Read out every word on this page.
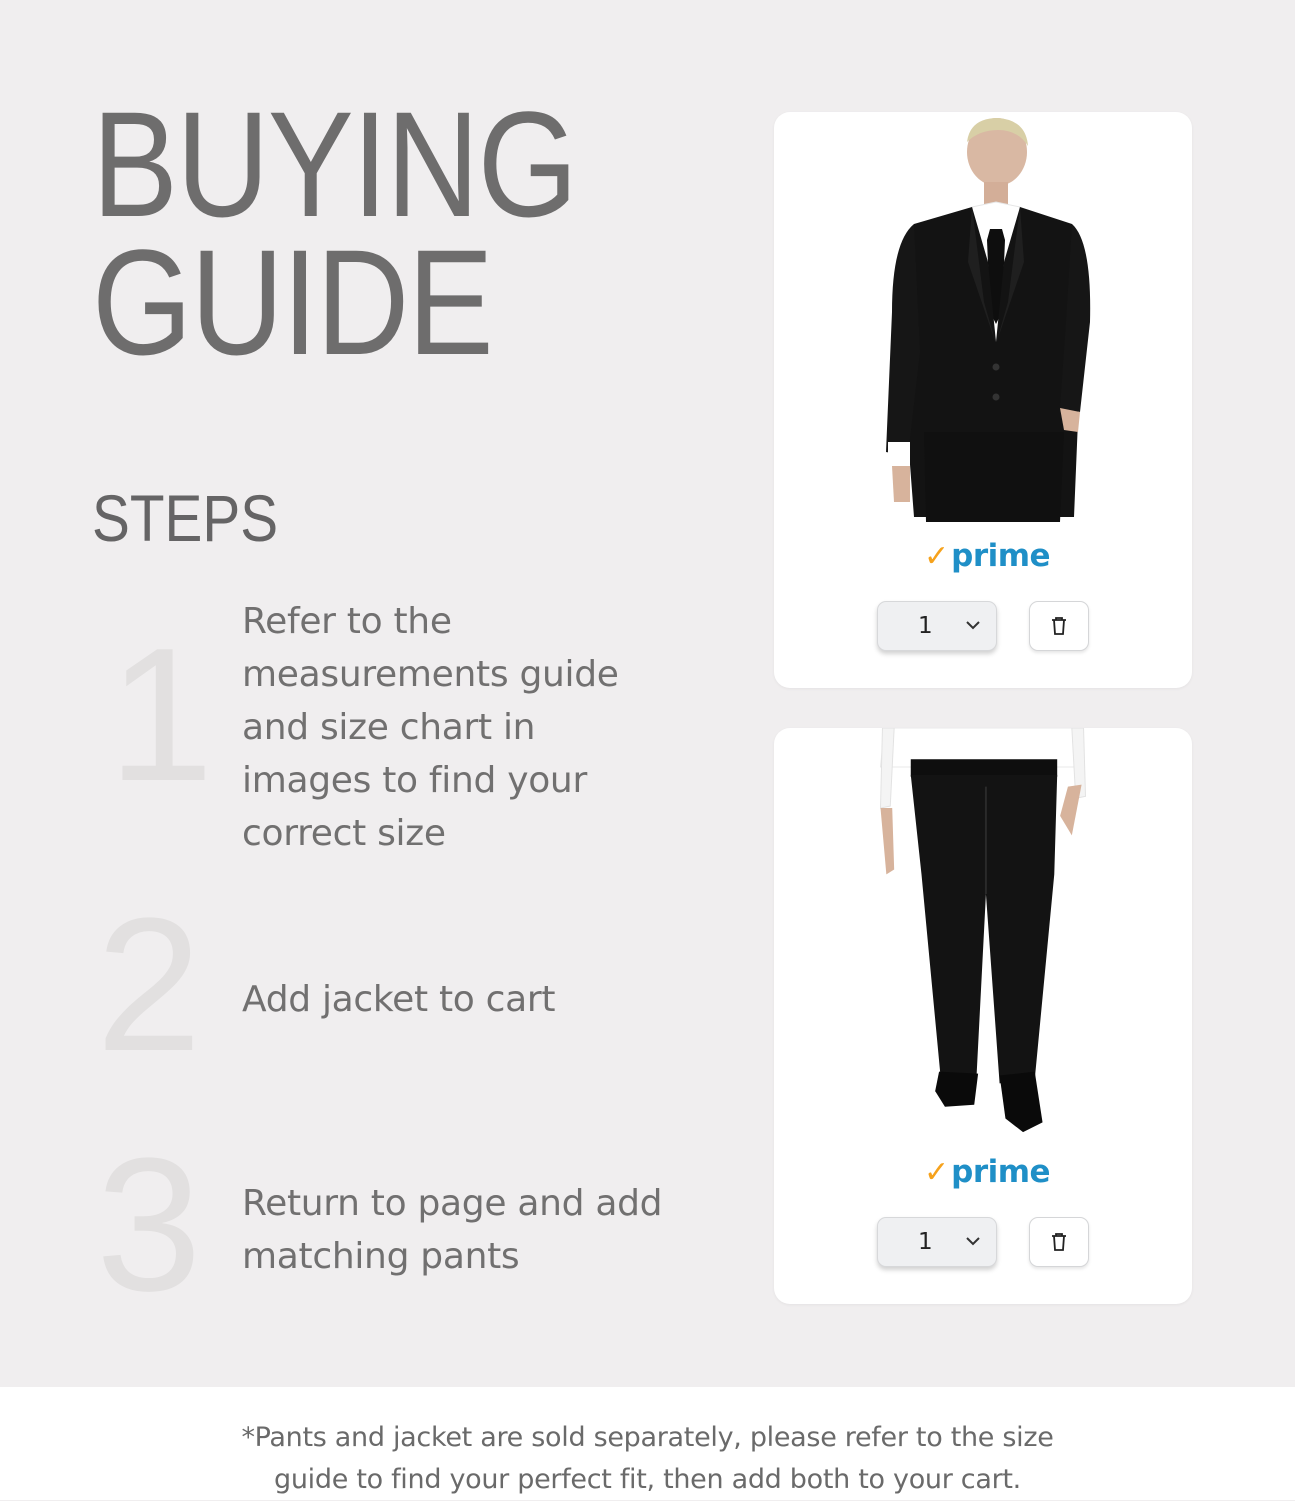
BUYING
GUIDE
STEPS
1 Refer to the measurements guide and size chart in images to find your correct size
2 Add jacket to cart
3 Return to page and add matching pants
✓ prime
1
✓ prime
1
*Pants and jacket are sold separately, please refer to the size
guide to find your perfect fit, then add both to your cart.
